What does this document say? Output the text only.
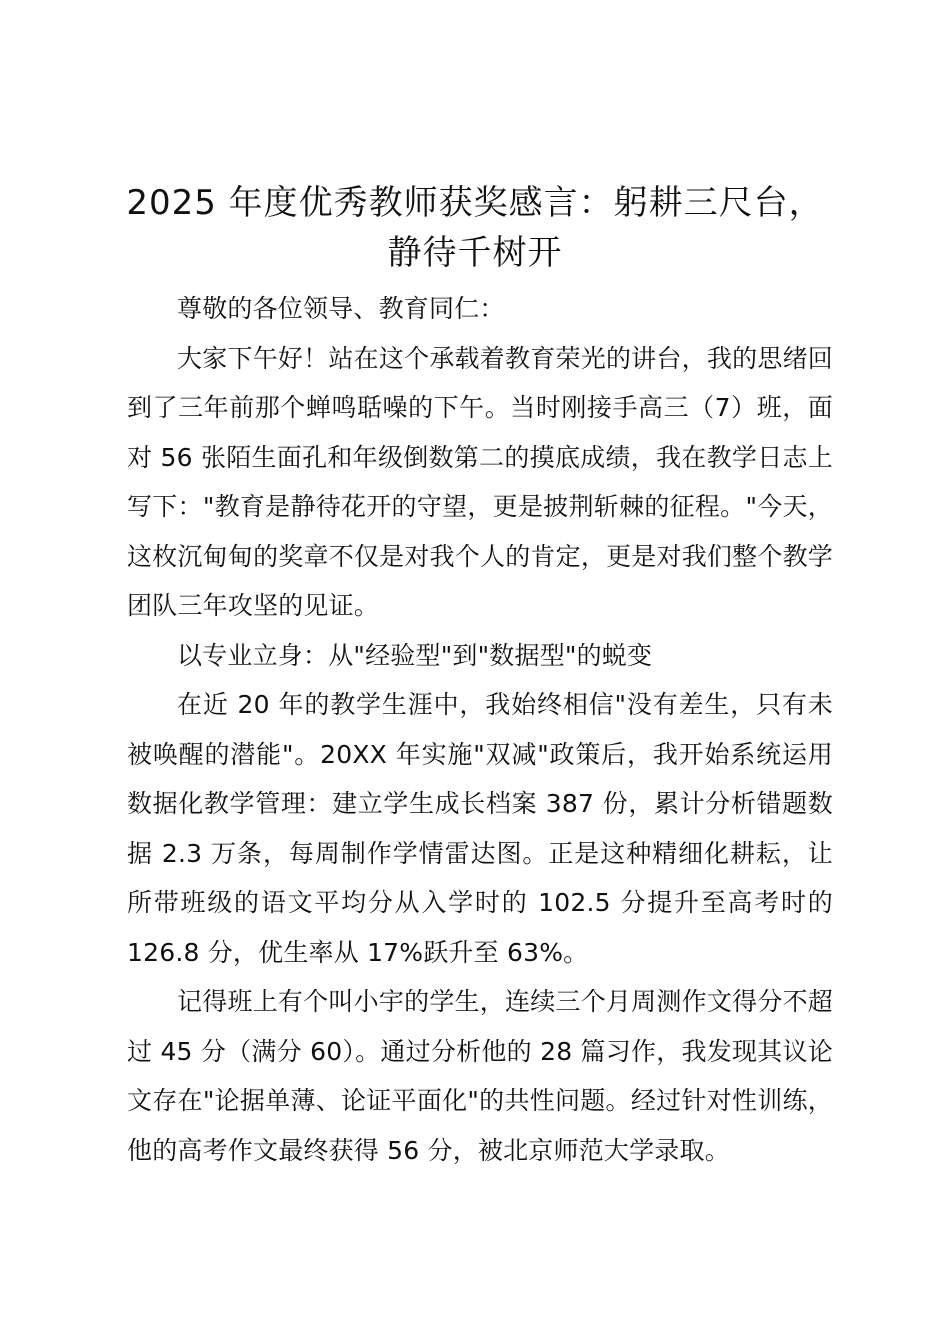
2025 年度优秀教师获奖感言：躬耕三尺台，
静待千树开

尊敬的各位领导、教育同仁：

大家下午好！站在这个承载着教育荣光的讲台，我的思绪回到了三年前那个蝉鸣聒噪的下午。当时刚接手高三（7）班，面对 56 张陌生面孔和年级倒数第二的摸底成绩，我在教学日志上写下："教育是静待花开的守望，更是披荆斩棘的征程。"今天，这枚沉甸甸的奖章不仅是对我个人的肯定，更是对我们整个教学团队三年攻坚的见证。

以专业立身：从"经验型"到"数据型"的蜕变

在近 20 年的教学生涯中，我始终相信"没有差生，只有未被唤醒的潜能"。20XX 年实施"双减"政策后，我开始系统运用数据化教学管理：建立学生成长档案 387 份，累计分析错题数据 2.3 万条，每周制作学情雷达图。正是这种精细化耕耘，让所带班级的语文平均分从入学时的 102.5 分提升至高考时的 126.8 分，优生率从 17%跃升至 63%。

记得班上有个叫小宇的学生，连续三个月周测作文得分不超过 45 分（满分 60）。通过分析他的 28 篇习作，我发现其议论文存在"论据单薄、论证平面化"的共性问题。经过针对性训练，他的高考作文最终获得 56 分，被北京师范大学录取。
